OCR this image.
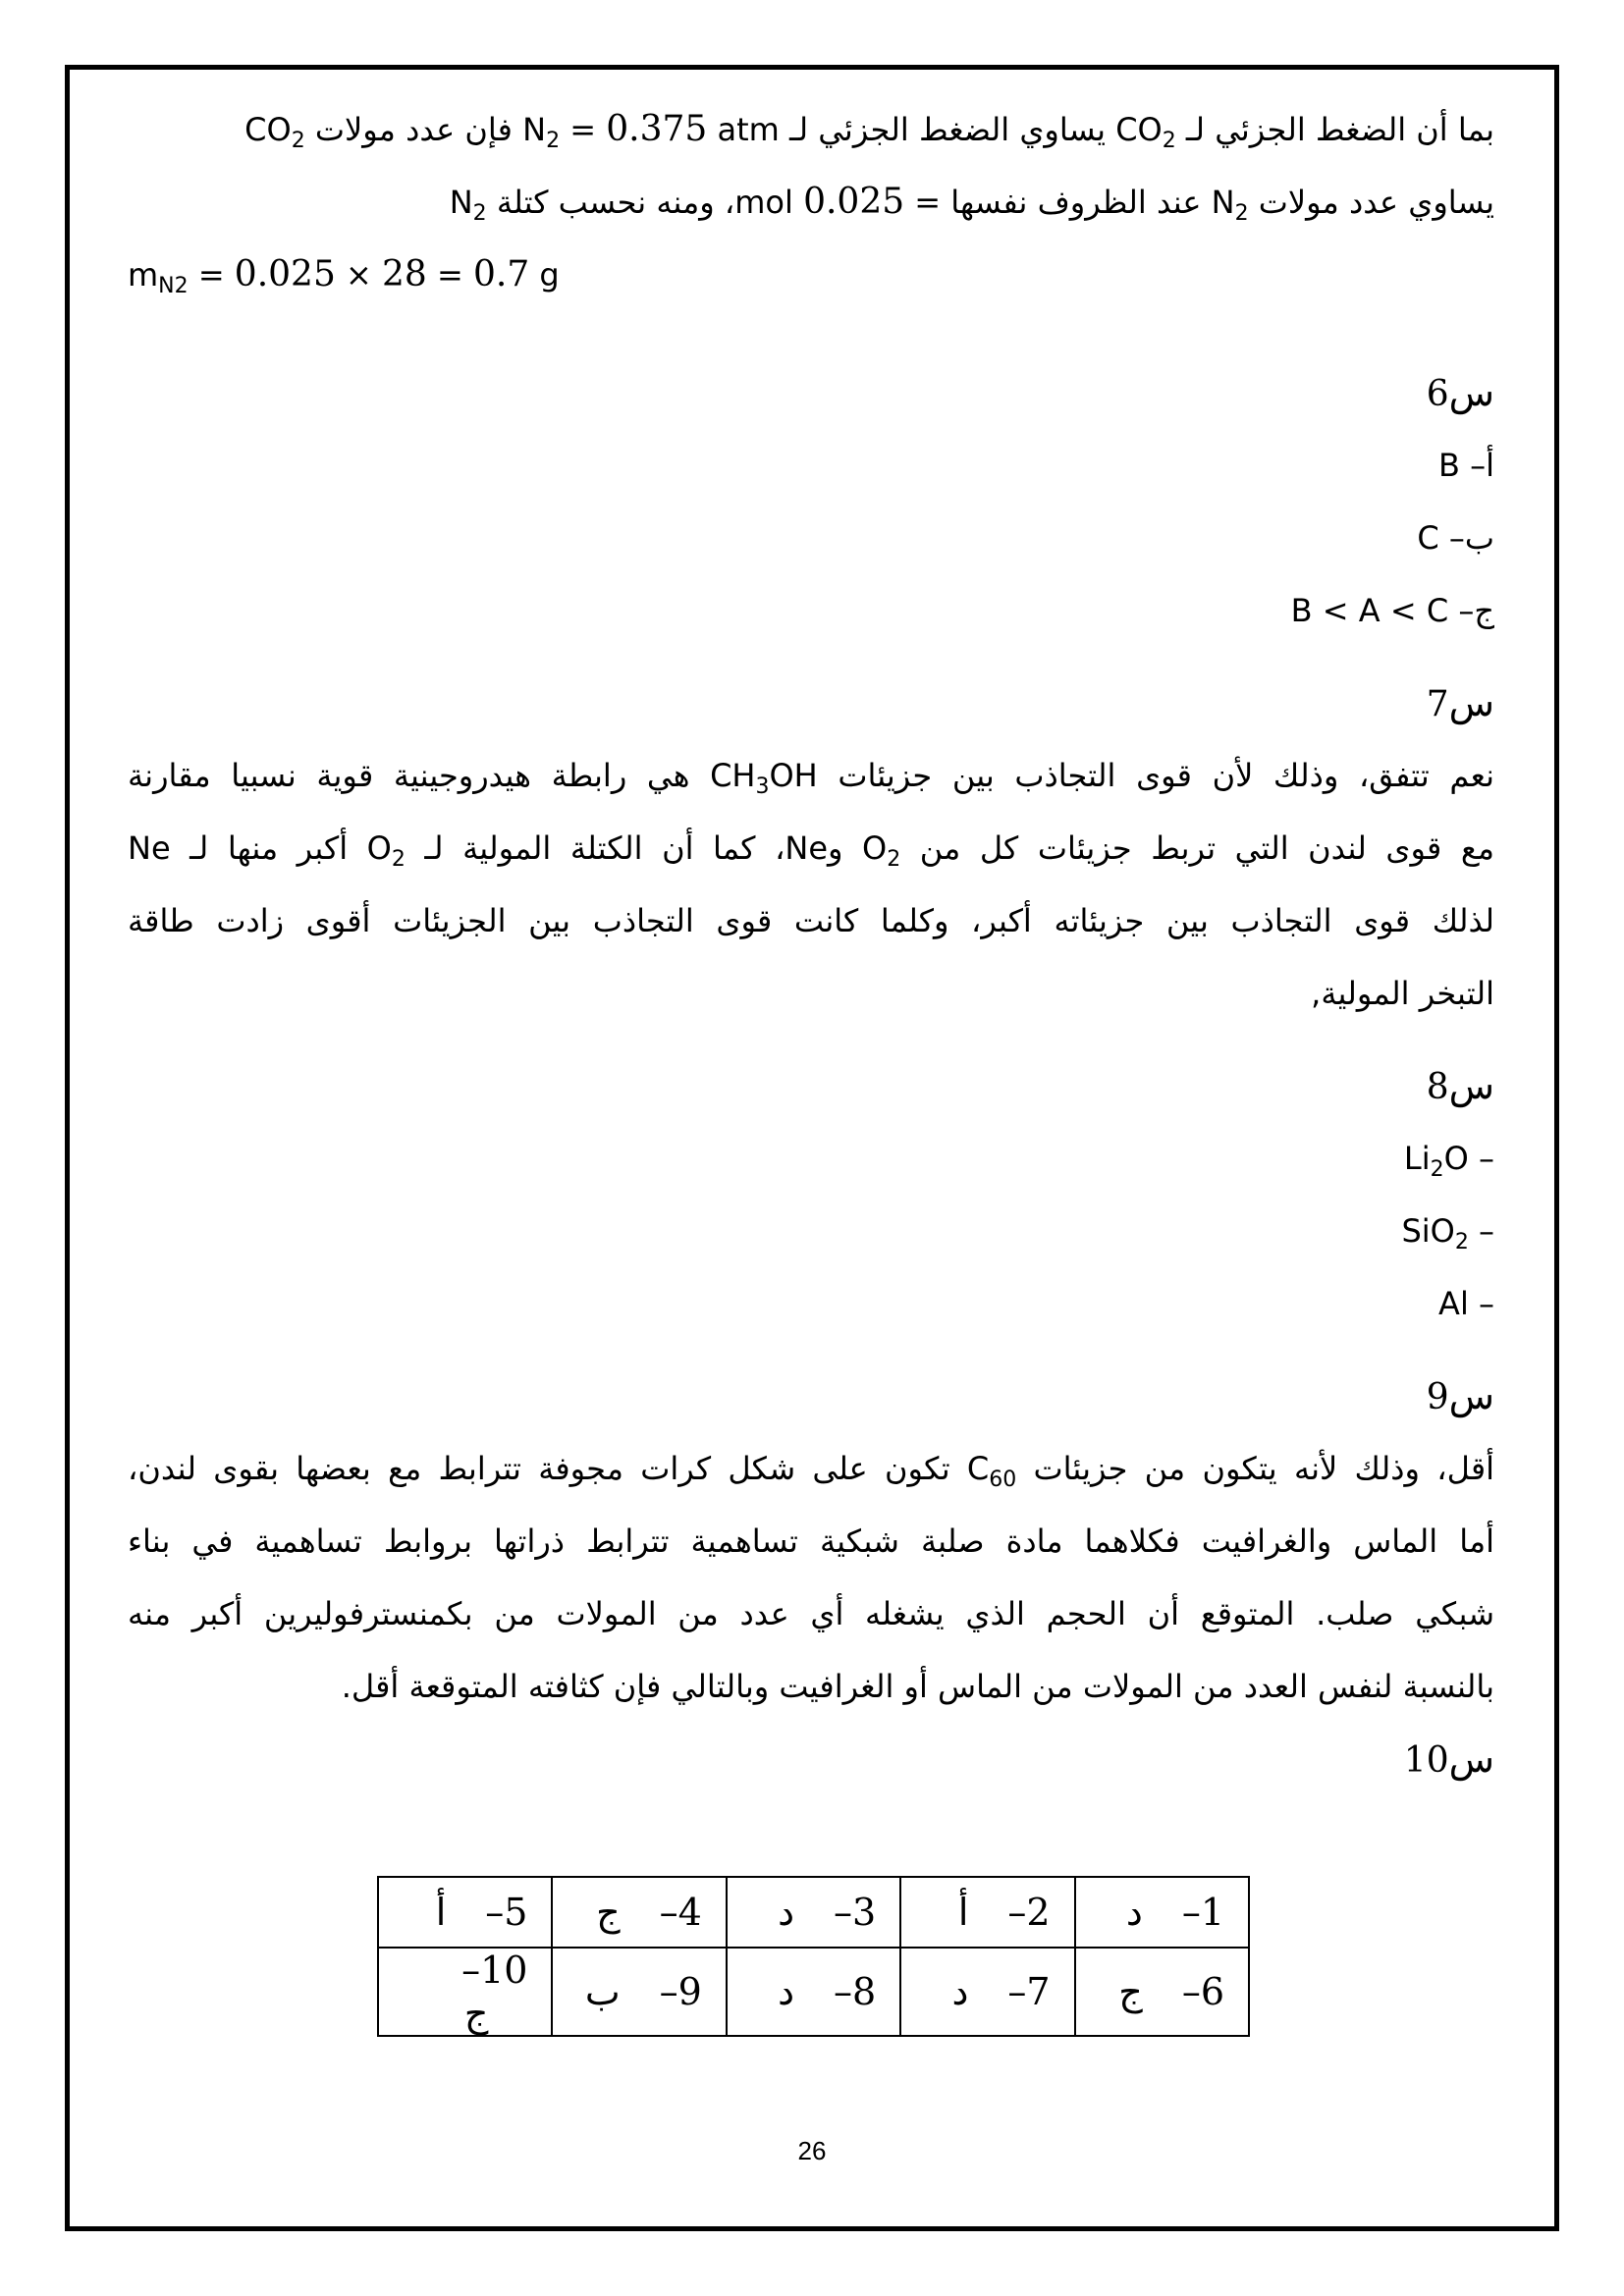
بما أن الضغط الجزئي لـ $CO_2$ يساوي الضغط الجزئي لـ $N_2 = 0.375$ atm فإن عدد مولات $CO_2$
يساوي عدد مولات $N_2$ عند الظروف نفسها = 0.025 mol، ومنه نحسب كتلة $N_2$
$m_{N2} = 0.025 \times 28 = 0.7$ g
س6
أ– B
ب– C
ج– B < A < C
س7
نعم تتفق، وذلك لأن قوى التجاذب بين جزيئات $CH_3OH$ هي رابطة هيدروجينية قوية نسبيا مقارنة
مع قوى لندن التي تربط جزيئات كل من $O_2$ وNe، كما أن الكتلة المولية لـ $O_2$ أكبر منها لـ Ne
لذلك قوى التجاذب بين جزيئاته أكبر، وكلما كانت قوى التجاذب بين الجزيئات أقوى زادت طاقة
التبخر المولية,
س8
– $Li_2O$
– SiO$_2$
– Al
س9
أقل، وذلك لأنه يتكون من جزيئات $C_{60}$ تكون على شكل كرات مجوفة تترابط مع بعضها بقوى لندن،
أما الماس والغرافيت فكلاهما مادة صلبة شبكية تساهمية تترابط ذراتها بروابط تساهمية في بناء
شبكي صلب. المتوقع أن الحجم الذي يشغله أي عدد من المولات من بكمنسترفوليرين أكبر منه
بالنسبة لنفس العدد من المولات من الماس أو الغرافيت وبالتالي فإن كثافته المتوقعة أقل.
س10
1–د	2–أ	3–د	4–ج	5–أ
6–ج	7–د	8–د	9–ب	10–ج
26
